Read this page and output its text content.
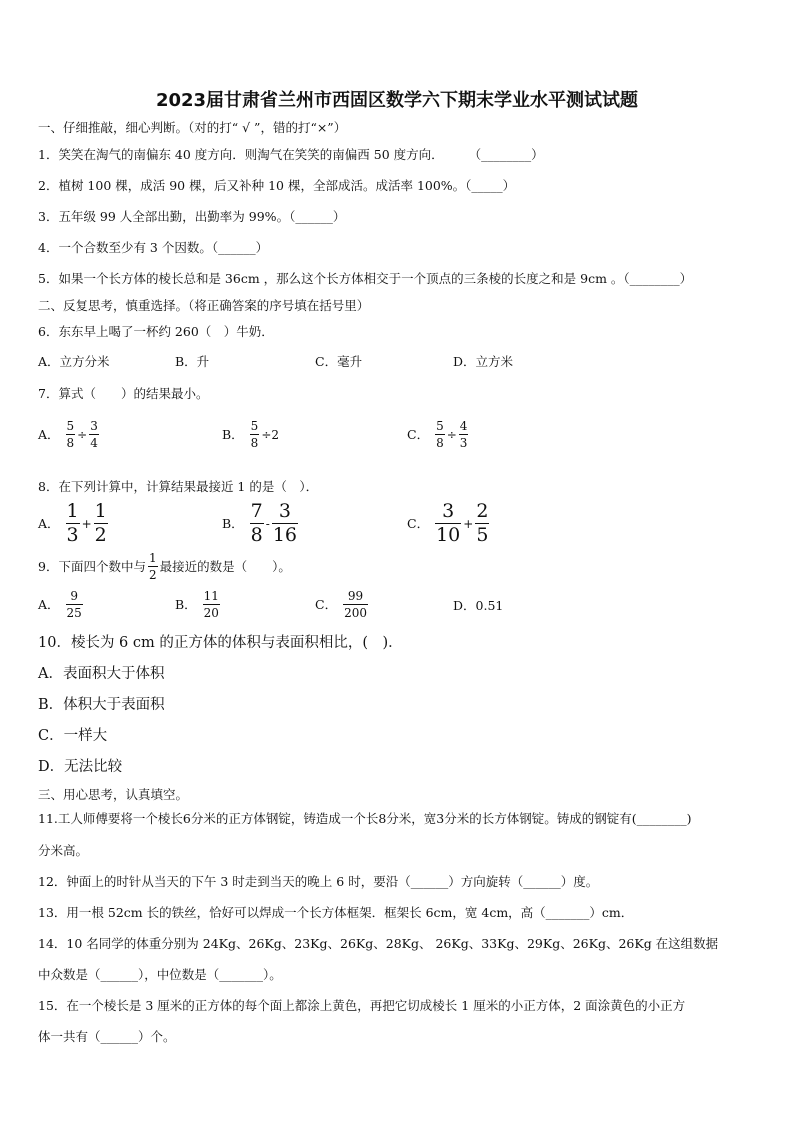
2023届甘肃省兰州市西固区数学六下期末学业水平测试试题
一、仔细推敲，细心判断。（对的打“ √ ”，错的打“×”）
1．笑笑在淘气的南偏东 40 度方向．则淘气在笑笑的南偏西 50 度方向．　　　（________）
2．植树 100 棵，成活 90 棵，后又补种 10 棵，全部成活。成活率 100%。（_____）
3．五年级 99 人全部出勤，出勤率为 99%。（______）
4．一个合数至少有 3 个因数。（______）
5．如果一个长方体的棱长总和是 36cm ，那么这个长方体相交于一个顶点的三条棱的长度之和是 9cm 。（________）
二、反复思考，慎重选择。（将正确答案的序号填在括号里）
6．东东早上喝了一杯约 260（　）牛奶．
A．立方分米	B．升	C．毫升	D．立方米
7．算式（　　）的结果最小。
A． $\frac{5}{8} \div \frac{3}{4}$	B． $\frac{5}{8} \div 2$	C． $\frac{5}{8} \div \frac{4}{3}$
8．在下列计算中，计算结果最接近 1 的是（　）．
A． $\frac{1}{3} + \frac{1}{2}$	B． $\frac{7}{8} - \frac{3}{16}$	C． $\frac{3}{10} + \frac{2}{5}$
9．下面四个数中与 $\frac{1}{2}$ 最接近的数是（　　）。
A． $\frac{9}{25}$	B． $\frac{11}{20}$	C． $\frac{99}{200}$	D．0.51
10．棱长为 6 cm 的正方体的体积与表面积相比，(　)．
A．表面积大于体积
B．体积大于表面积
C．一样大
D．无法比较
三、用心思考，认真填空。
11.工人师傅要将一个棱长6分米的正方体钢锭，铸造成一个长8分米，宽3分米的长方体钢锭。铸成的钢锭有(________)
分米高。
12．钟面上的时针从当天的下午 3 时走到当天的晚上 6 时，要沿（______）方向旋转（______）度。
13．用一根 52cm 长的铁丝，恰好可以焊成一个长方体框架．框架长 6cm，宽 4cm，高（_______）cm．
14．10 名同学的体重分别为 24Kg、26Kg、23Kg、26Kg、28Kg、 26Kg、33Kg、29Kg、26Kg、26Kg 在这组数据
中众数是（______），中位数是（_______）。
15．在一个棱长是 3 厘米的正方体的每个面上都涂上黄色，再把它切成棱长 1 厘米的小正方体，2 面涂黄色的小正方
体一共有（______）个。
